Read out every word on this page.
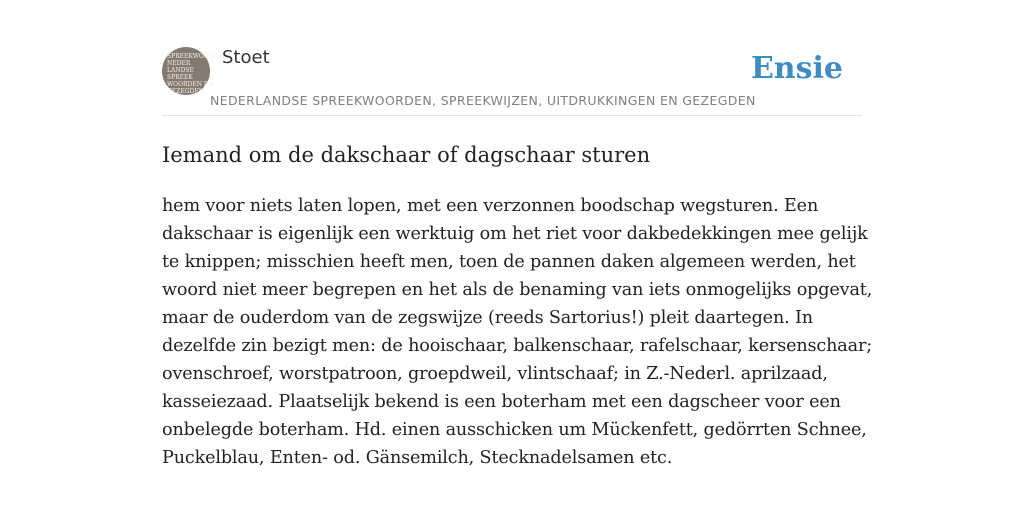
SPREEKWOORDEN
NEDER
LANDSE
SPREEK
WOORDEN EN
GEZEGDEN
Stoet
NEDERLANDSE SPREEKWOORDEN, SPREEKWIJZEN, UITDRUKKINGEN EN GEZEGDEN
Ensie
Iemand om de dakschaar of dagschaar sturen
hem voor niets laten lopen, met een verzonnen boodschap wegsturen. Een
dakschaar is eigenlijk een werktuig om het riet voor dakbedekkingen mee gelijk
te knippen; misschien heeft men, toen de pannen daken algemeen werden, het
woord niet meer begrepen en het als de benaming van iets onmogelijks opgevat,
maar de ouderdom van de zegswijze (reeds Sartorius!) pleit daartegen. In
dezelfde zin bezigt men: de hooischaar, balkenschaar, rafelschaar, kersenschaar;
ovenschroef, worstpatroon, groepdweil, vlintschaaf; in Z.-Nederl. aprilzaad,
kasseiezaad. Plaatselijk bekend is een boterham met een dagscheer voor een
onbelegde boterham. Hd. einen ausschicken um Mückenfett, gedörrten Schnee,
Puckelblau, Enten- od. Gänsemilch, Stecknadelsamen etc.
